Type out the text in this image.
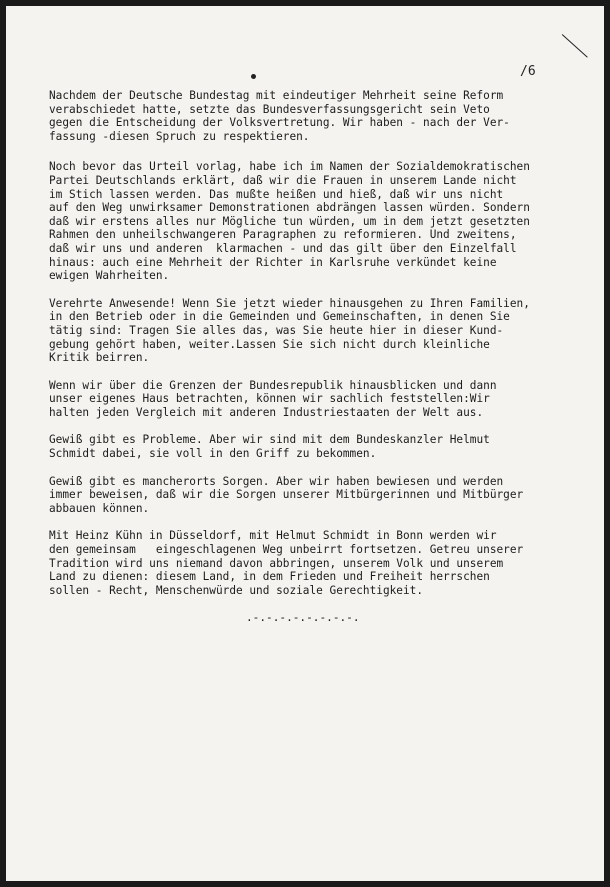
/6

Nachdem der Deutsche Bundestag mit eindeutiger Mehrheit seine Reform
verabschiedet hatte, setzte das Bundesverfassungsgericht sein Veto
gegen die Entscheidung der Volksvertretung. Wir haben - nach der Ver-
fassung -diesen Spruch zu respektieren.

Noch bevor das Urteil vorlag, habe ich im Namen der Sozialdemokratischen
Partei Deutschlands erklärt, daß wir die Frauen in unserem Lande nicht
im Stich lassen werden. Das mußte heißen und hieß, daß wir uns nicht
auf den Weg unwirksamer Demonstrationen abdrängen lassen würden. Sondern
daß wir erstens alles nur Mögliche tun würden, um in dem jetzt gesetzten
Rahmen den unheilschwangeren Paragraphen zu reformieren. Und zweitens,
daß wir uns und anderen  klarmachen - und das gilt über den Einzelfall
hinaus: auch eine Mehrheit der Richter in Karlsruhe verkündet keine
ewigen Wahrheiten.

Verehrte Anwesende! Wenn Sie jetzt wieder hinausgehen zu Ihren Familien,
in den Betrieb oder in die Gemeinden und Gemeinschaften, in denen Sie
tätig sind: Tragen Sie alles das, was Sie heute hier in dieser Kund-
gebung gehört haben, weiter.Lassen Sie sich nicht durch kleinliche
Kritik beirren.

Wenn wir über die Grenzen der Bundesrepublik hinausblicken und dann
unser eigenes Haus betrachten, können wir sachlich feststellen:Wir
halten jeden Vergleich mit anderen Industriestaaten der Welt aus.

Gewiß gibt es Probleme. Aber wir sind mit dem Bundeskanzler Helmut
Schmidt dabei, sie voll in den Griff zu bekommen.

Gewiß gibt es mancherorts Sorgen. Aber wir haben bewiesen und werden
immer beweisen, daß wir die Sorgen unserer Mitbürgerinnen und Mitbürger
abbauen können.

Mit Heinz Kühn in Düsseldorf, mit Helmut Schmidt in Bonn werden wir
den gemeinsam   eingeschlagenen Weg unbeirrt fortsetzen. Getreu unserer
Tradition wird uns niemand davon abbringen, unserem Volk und unserem
Land zu dienen: diesem Land, in dem Frieden und Freiheit herrschen
sollen - Recht, Menschenwürde und soziale Gerechtigkeit.

.-.-.-.-.-.-.-.-.
